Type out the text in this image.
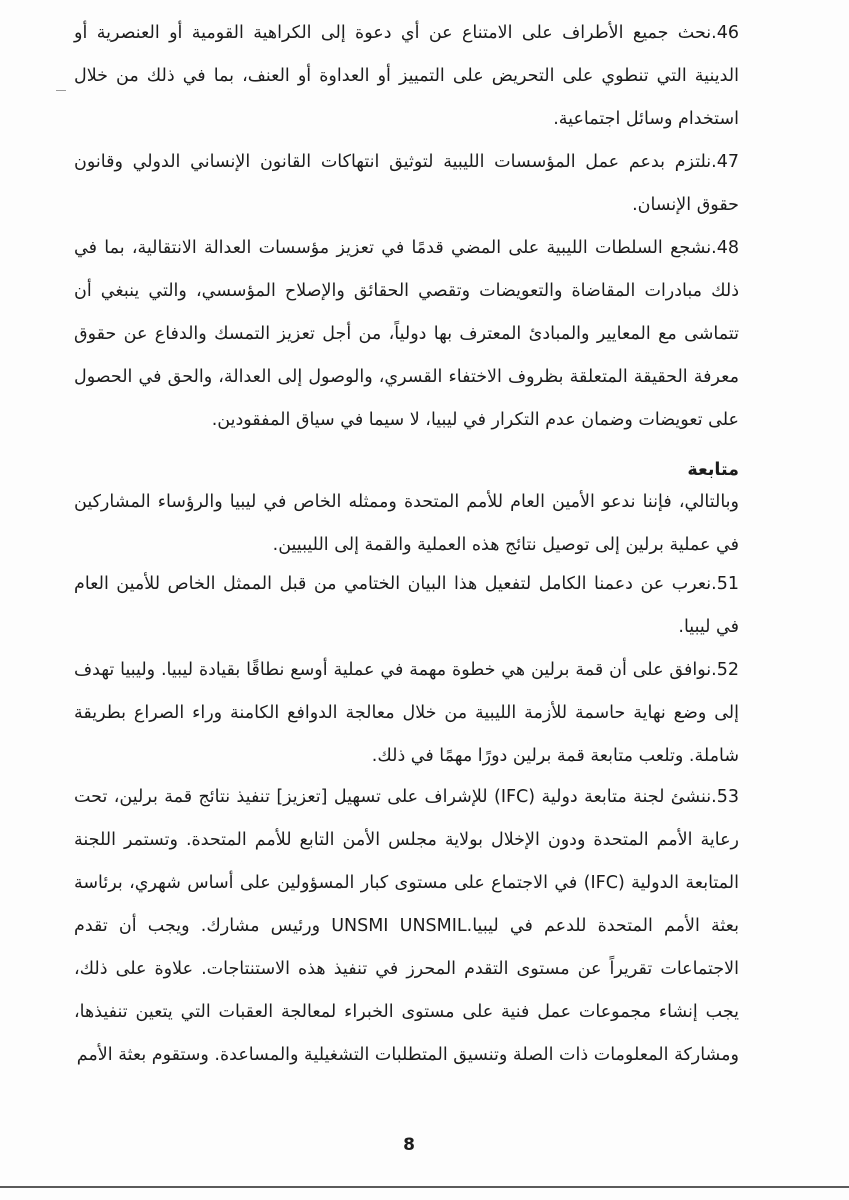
46.نحث جميع الأطراف على الامتناع عن أي دعوة إلى الكراهية القومية أو العنصرية أو الدينية التي تنطوي على التحريض على التمييز أو العداوة أو العنف، بما في ذلك من خلال استخدام وسائل اجتماعية.

47.نلتزم بدعم عمل المؤسسات الليبية لتوثيق انتهاكات القانون الإنساني الدولي وقانون حقوق الإنسان.

48.نشجع السلطات الليبية على المضي قدمًا في تعزيز مؤسسات العدالة الانتقالية، بما في ذلك مبادرات المقاضاة والتعويضات وتقصي الحقائق والإصلاح المؤسسي، والتي ينبغي أن تتماشى مع المعايير والمبادئ المعترف بها دولياً، من أجل تعزيز التمسك والدفاع عن حقوق معرفة الحقيقة المتعلقة بظروف الاختفاء القسري، والوصول إلى العدالة، والحق في الحصول على تعويضات وضمان عدم التكرار في ليبيا، لا سيما في سياق المفقودين.

متابعة

وبالتالي، فإننا ندعو الأمين العام للأمم المتحدة وممثله الخاص في ليبيا والرؤساء المشاركين في عملية برلين إلى توصيل نتائج هذه العملية والقمة إلى الليبيين.

51.نعرب عن دعمنا الكامل لتفعيل هذا البيان الختامي من قبل الممثل الخاص للأمين العام في ليبيا.

52.نوافق على أن قمة برلين هي خطوة مهمة في عملية أوسع نطاقًا بقيادة ليبيا. وليبيا تهدف إلى وضع نهاية حاسمة للأزمة الليبية من خلال معالجة الدوافع الكامنة وراء الصراع بطريقة شاملة. وتلعب متابعة قمة برلين دورًا مهمًا في ذلك.

53.ننشئ لجنة متابعة دولية (IFC) للإشراف على تسهيل [تعزيز] تنفيذ نتائج قمة برلين، تحت رعاية الأمم المتحدة ودون الإخلال بولاية مجلس الأمن التابع للأمم المتحدة. وتستمر اللجنة المتابعة الدولية (IFC) في الاجتماع على مستوى كبار المسؤولين على أساس شهري، برئاسة بعثة الأمم المتحدة للدعم في ليبيا.UNSMI UNSMIL ورئيس مشارك. ويجب أن تقدم الاجتماعات تقريراً عن مستوى التقدم المحرز في تنفيذ هذه الاستنتاجات. علاوة على ذلك، يجب إنشاء مجموعات عمل فنية على مستوى الخبراء لمعالجة العقبات التي يتعين تنفيذها، ومشاركة المعلومات ذات الصلة وتنسيق المتطلبات التشغيلية والمساعدة. وستقوم بعثة الأمم

8
